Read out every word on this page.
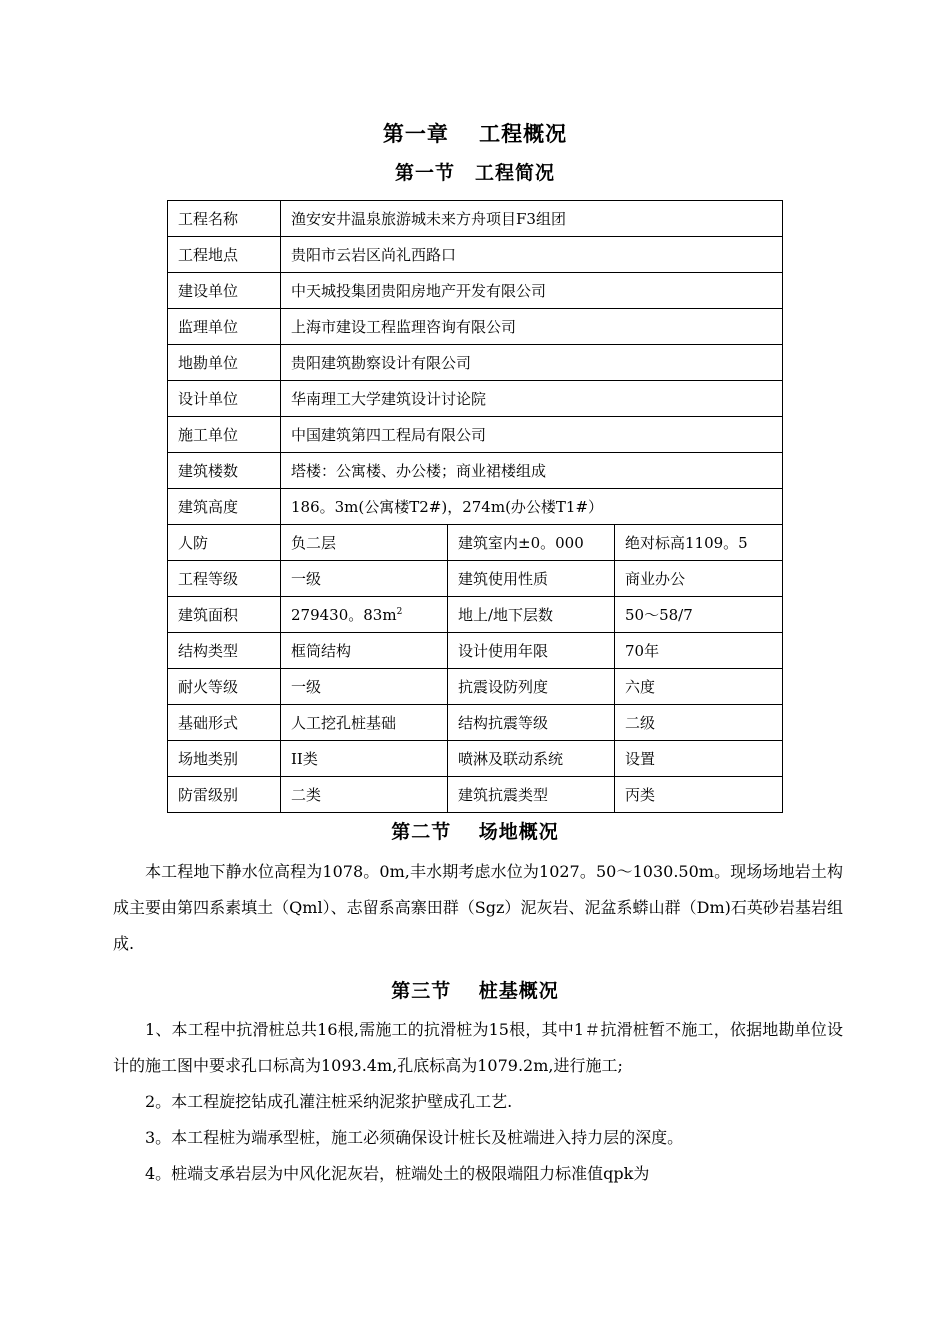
第一章　 工程概况
第一节　工程简况
工程名称	渔安安井温泉旅游城未来方舟项目F3组团		
工程地点	贵阳市云岩区尚礼西路口		
建设单位	中天城投集团贵阳房地产开发有限公司		
监理单位	上海市建设工程监理咨询有限公司		
地勘单位	贵阳建筑勘察设计有限公司		
设计单位	华南理工大学建筑设计讨论院		
施工单位	中国建筑第四工程局有限公司		
建筑楼数	塔楼：公寓楼、办公楼；商业裙楼组成		
建筑高度	186。3m(公寓楼T2#)，274m(办公楼T1#）		
人防	负二层	建筑室内±0。000	绝对标高1109。5
工程等级	一级	建筑使用性质	商业办公
建筑面积	279430。$83m^2$	地上/地下层数	50～58/7
结构类型	框筒结构	设计使用年限	70年
耐火等级	一级	抗震设防列度	六度
基础形式	人工挖孔桩基础	结构抗震等级	二级
场地类别	II类	喷淋及联动系统	设置
防雷级别	二类	建筑抗震类型	丙类
第二节　 场地概况
本工程地下静水位高程为1078。0m,丰水期考虑水位为1027。50～1030.50m。现场场地岩土构成主要由第四系素填土（Qml）、志留系高寨田群（Sgz）泥灰岩、泥盆系蟒山群（Dm)石英砂岩基岩组成.
第三节　 桩基概况
1、本工程中抗滑桩总共16根,需施工的抗滑桩为15根，其中1＃抗滑桩暂不施工，依据地勘单位设计的施工图中要求孔口标高为1093.4m,孔底标高为1079.2m,进行施工;
2。本工程旋挖钻成孔灌注桩采纳泥浆护壁成孔工艺.
3。本工程桩为端承型桩，施工必须确保设计桩长及桩端进入持力层的深度。
4。桩端支承岩层为中风化泥灰岩，桩端处土的极限端阻力标准值qpk为
